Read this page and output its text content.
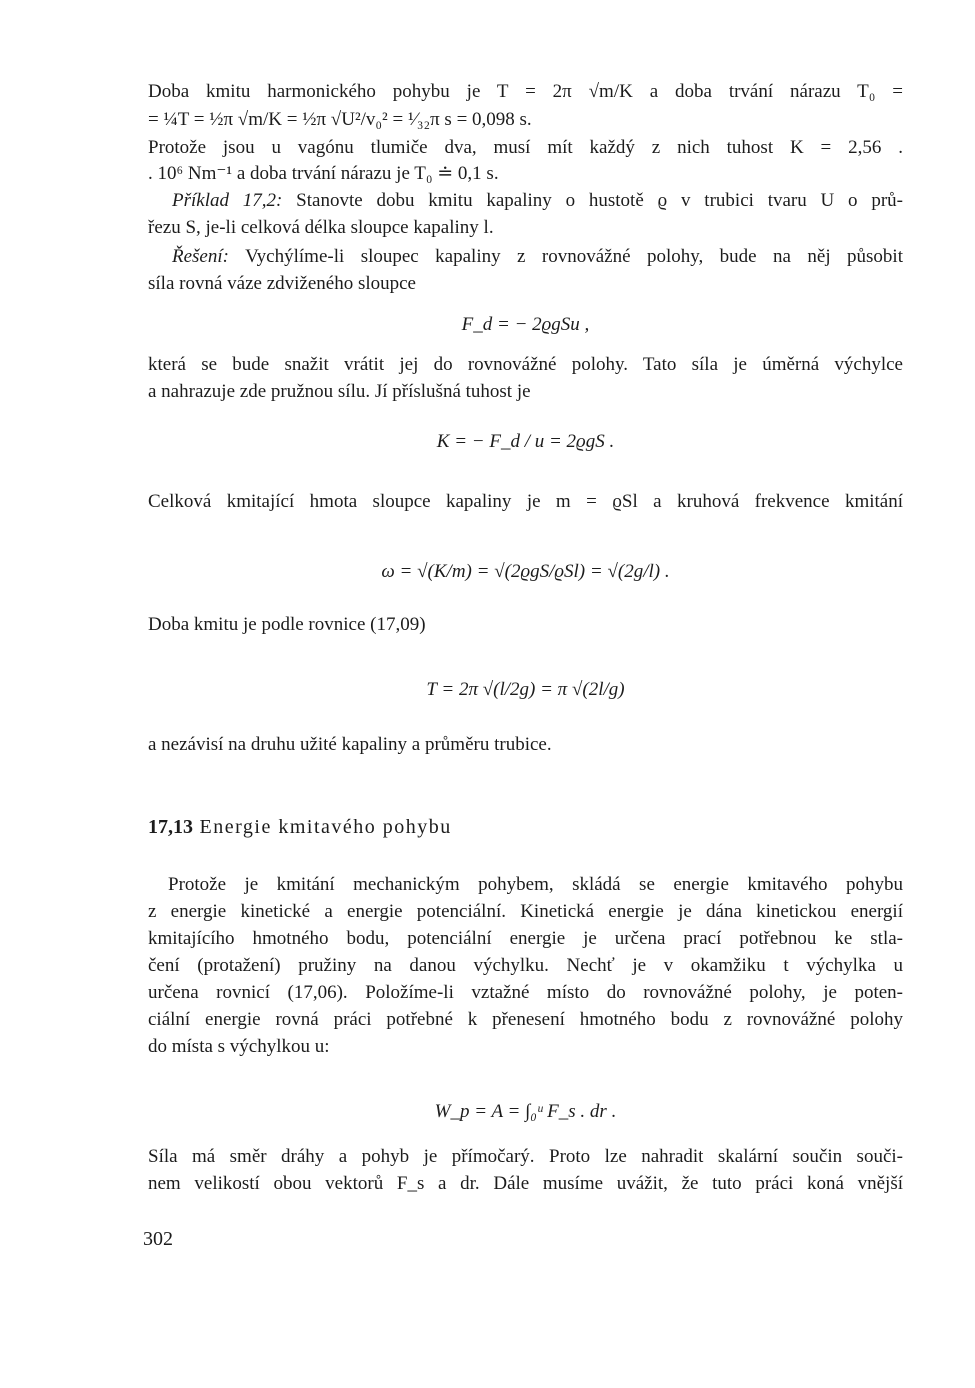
Doba kmitu harmonického pohybu je T = 2π √m/K a doba trvání nárazu T₀ =
= ¼T = ½π √m/K = ½π √U²/v₀² = ¹⁄₃₂π s = 0,098 s.
Protože jsou u vagónu tlumiče dva, musí mít každý z nich tuhost K = 2,56 .
. 10⁶ Nm⁻¹ a doba trvání nárazu je T₀ ≐ 0,1 s.
Příklad 17,2: Stanovte dobu kmitu kapaliny o hustotě ϱ v trubici tvaru U o prů-
řezu S, je-li celková délka sloupce kapaliny l.
Řešení: Vychýlíme-li sloupec kapaliny z rovnovážné polohy, bude na něj působit
síla rovná váze zdviženého sloupce
F_d = − 2ϱgSu ,
která se bude snažit vrátit jej do rovnovážné polohy. Tato síla je úměrná výchylce
a nahrazuje zde pružnou sílu. Jí příslušná tuhost je
K = − F_d / u = 2ϱgS .
Celková kmitající hmota sloupce kapaliny je m = ϱSl a kruhová frekvence kmitání
ω = √(K/m) = √(2ϱgS/ϱSl) = √(2g/l) .
Doba kmitu je podle rovnice (17,09)
T = 2π √(l/2g) = π √(2l/g)
a nezávisí na druhu užité kapaliny a průměru trubice.
17,13 Energie kmitavého pohybu
Protože je kmitání mechanickým pohybem, skládá se energie kmitavého pohybu
z energie kinetické a energie potenciální. Kinetická energie je dána kinetickou energií
kmitajícího hmotného bodu, potenciální energie je určena prací potřebnou ke stla-
čení (protažení) pružiny na danou výchylku. Nechť je v okamžiku t výchylka u
určena rovnicí (17,06). Položíme-li vztažné místo do rovnovážné polohy, je poten-
ciální energie rovná práci potřebné k přenesení hmotného bodu z rovnovážné polohy
do místa s výchylkou u:
W_p = A = ∫₀ᵘ F_s . dr .
Síla má směr dráhy a pohyb je přímočarý. Proto lze nahradit skalární součin souči-
nem velikostí obou vektorů F_s a dr. Dále musíme uvážit, že tuto práci koná vnější
302
